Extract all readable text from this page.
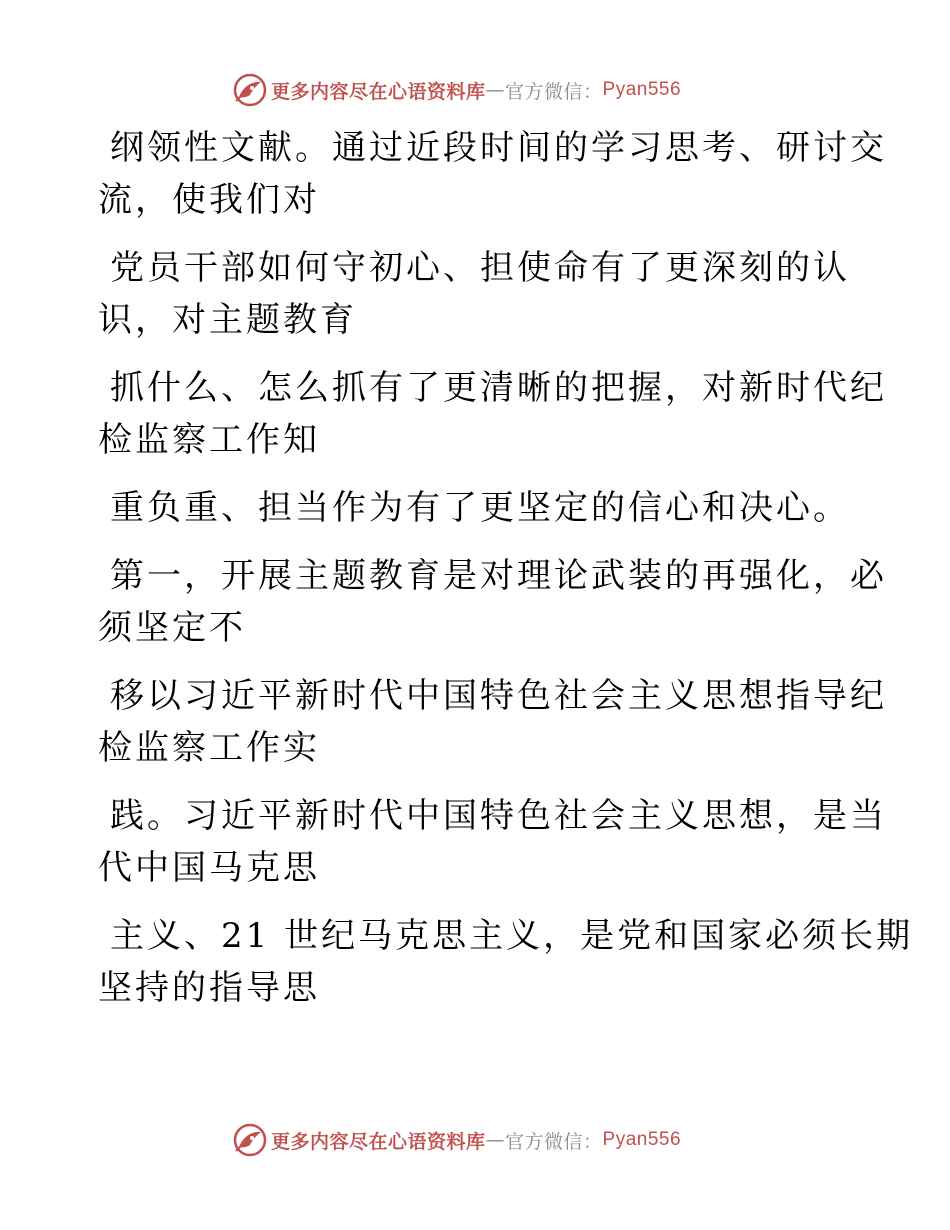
更多内容尽在心语资料库 — 官方微信： Pyan556
纲领性文献。通过近段时间的学习思考、研讨交
流，使我们对
党员干部如何守初心、担使命有了更深刻的认
识，对主题教育
抓什么、怎么抓有了更清晰的把握，对新时代纪
检监察工作知
重负重、担当作为有了更坚定的信心和决心。
第一，开展主题教育是对理论武装的再强化，必
须坚定不
移以习近平新时代中国特色社会主义思想指导纪
检监察工作实
践。习近平新时代中国特色社会主义思想，是当
代中国马克思
主义、21 世纪马克思主义，是党和国家必须长期
坚持的指导思
更多内容尽在心语资料库 — 官方微信： Pyan556
